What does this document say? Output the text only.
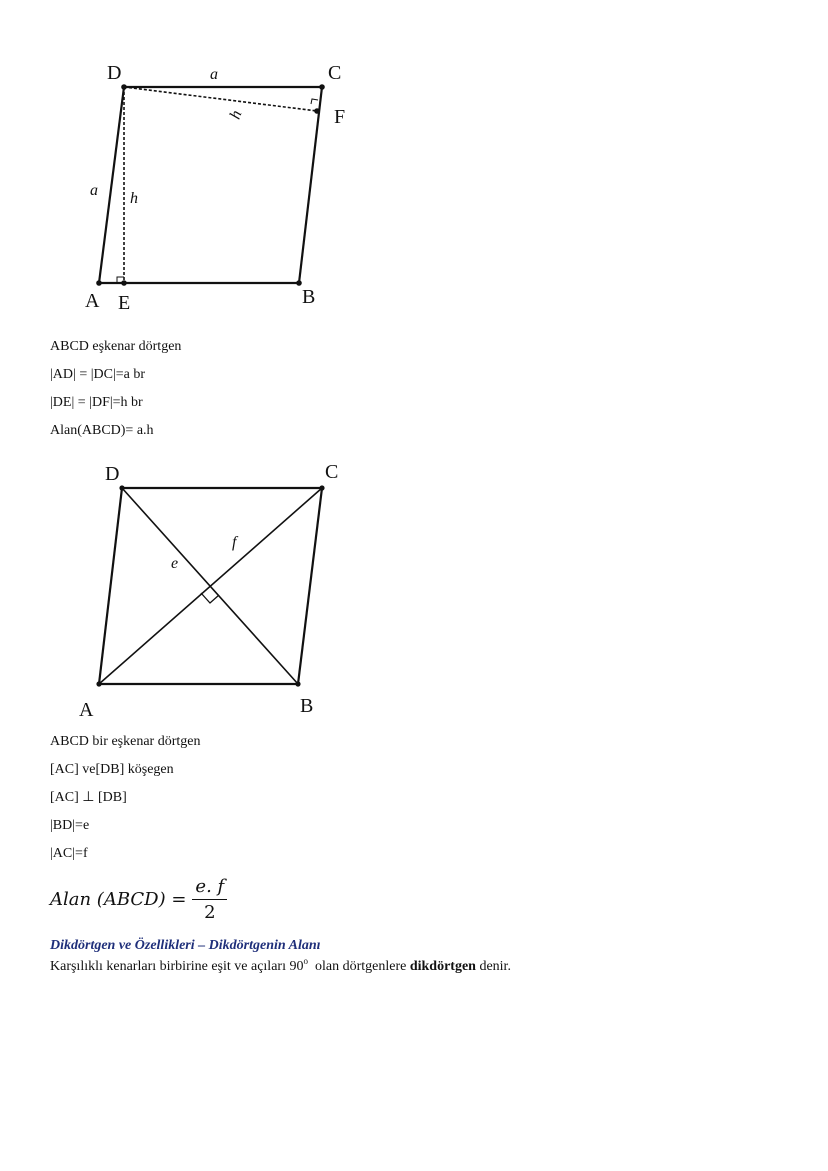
D	C
F
A E	B
a
a h
h
ABCD eşkenar dörtgen
|AD| = |DC|=a br
|DE| = |DF|=h br
Alan(ABCD)= a.h
D	C
A	B
e
f
ABCD bir eşkenar dörtgen
[AC] ve[DB] köşegen
[AC] ⊥ [DB]
|BD|=e
|AC|=f
Alan (ABCD) = $\frac{e. f}{2}$
Dikdörtgen ve Özellikleri – Dikdörtgenin Alanı
Karşılıklı kenarları birbirine eşit ve açıları 90$^o$  olan dörtgenlere dikdörtgen denir.
